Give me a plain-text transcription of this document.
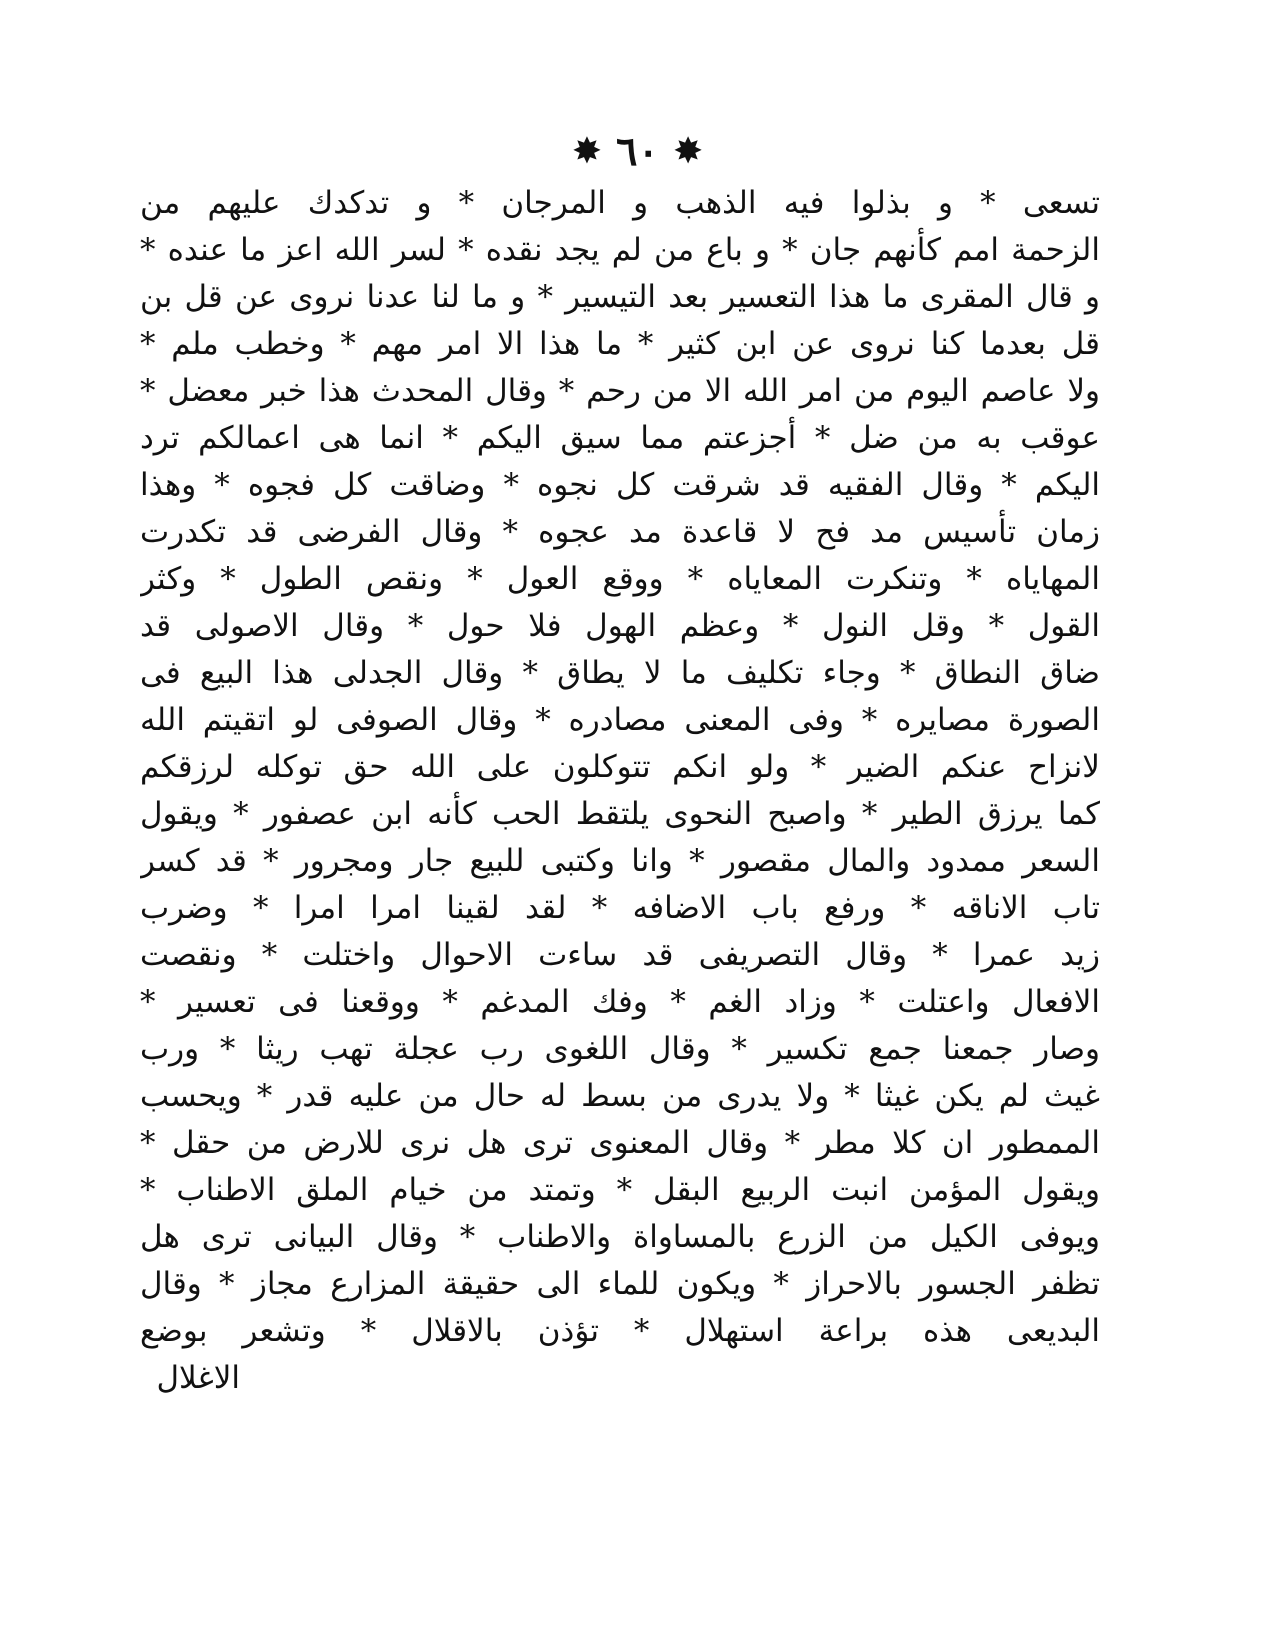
✸ ٦٠ ✸
تسعى * و بذلوا فيه الذهب و المرجان * و تدكدك عليهم من
الزحمة امم كأنهم جان * و باع من لم يجد نقده * لسر الله اعز ما عنده *
و قال المقرى ما هذا التعسير بعد التيسير * و ما لنا عدنا نروى عن قل بن
قل بعدما كنا نروى عن ابن كثير * ما هذا الا امر مهم * وخطب ملم *
ولا عاصم اليوم من امر الله الا من رحم * وقال المحدث هذا خبر معضل *
عوقب به من ضل * أجزعتم مما سيق اليكم * انما هى اعمالكم ترد
اليكم * وقال الفقيه قد شرقت كل نجوه * وضاقت كل فجوه * وهذا
زمان تأسيس مد فح لا قاعدة مد عجوه * وقال الفرضى قد تكدرت
المهاياه * وتنكرت المعاياه * ووقع العول * ونقص الطول * وكثر
القول * وقل النول * وعظم الهول فلا حول * وقال الاصولى قد
ضاق النطاق * وجاء تكليف ما لا يطاق * وقال الجدلى هذا البيع فى
الصورة مصايره * وفى المعنى مصادره * وقال الصوفى لو اتقيتم الله
لانزاح عنكم الضير * ولو انكم تتوكلون على الله حق توكله لرزقكم
كما يرزق الطير * واصبح النحوى يلتقط الحب كأنه ابن عصفور * ويقول
السعر ممدود والمال مقصور * وانا وكتبى للبيع جار ومجرور * قد كسر
تاب الاناقه * ورفع باب الاضافه * لقد لقينا امرا امرا * وضرب
زيد عمرا * وقال التصريفى قد ساءت الاحوال واختلت * ونقصت
الافعال واعتلت * وزاد الغم * وفك المدغم * ووقعنا فى تعسير *
وصار جمعنا جمع تكسير * وقال اللغوى رب عجلة تهب ريثا * ورب
غيث لم يكن غيثا * ولا يدرى من بسط له حال من عليه قدر * ويحسب
الممطور ان كلا مطر * وقال المعنوى ترى هل نرى للارض من حقل *
ويقول المؤمن انبت الربيع البقل * وتمتد من خيام الملق الاطناب *
ويوفى الكيل من الزرع بالمساواة والاطناب * وقال البيانى ترى هل
تظفر الجسور بالاحراز * ويكون للماء الى حقيقة المزارع مجاز * وقال
البديعى هذه براعة استهلال * تؤذن بالاقلال * وتشعر بوضع
الاغلال
